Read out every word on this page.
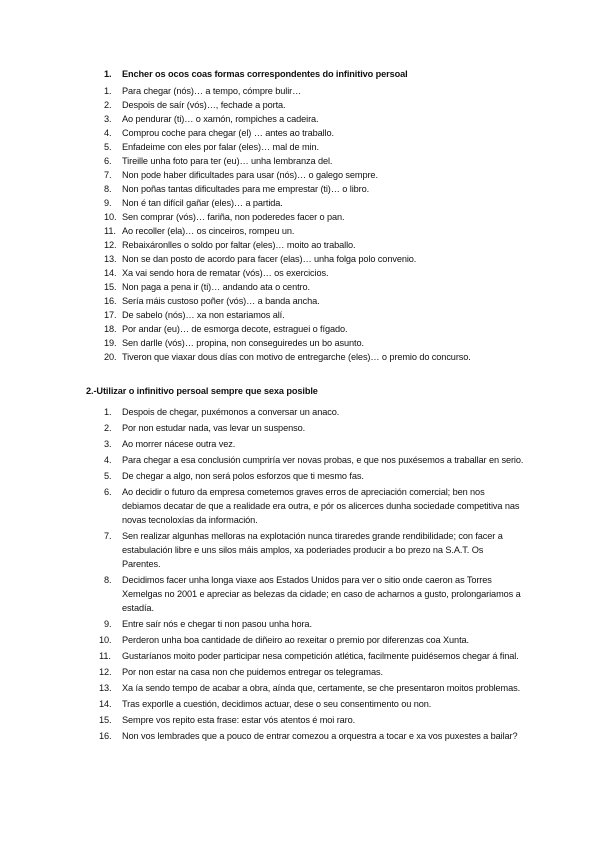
1. Encher os ocos coas formas correspondentes do infinitivo persoal
1. Para chegar (nós)… a tempo, cómpre bulir…
2. Despois de saír (vós)…, fechade a porta.
3. Ao pendurar (ti)… o xamón, rompiches a cadeira.
4. Comprou coche para chegar (el) … antes ao traballo.
5. Enfadeime con eles por falar (eles)… mal de min.
6. Tireille unha foto para ter (eu)… unha lembranza del.
7. Non pode haber dificultades para usar (nós)… o galego sempre.
8. Non poñas tantas dificultades para me emprestar (ti)… o libro.
9. Non é tan difícil gañar (eles)… a partida.
10. Sen comprar (vós)… fariña, non poderedes facer o pan.
11. Ao recoller (ela)… os cinceiros, rompeu un.
12. Rebaixáronlles o soldo por faltar (eles)… moito ao traballo.
13. Non se dan posto de acordo para facer (elas)… unha folga polo convenio.
14. Xa vai sendo hora de rematar (vós)… os exercicios.
15. Non paga a pena ir (ti)… andando ata o centro.
16. Sería máis custoso poñer (vós)… a banda ancha.
17. De sabelo (nós)… xa non estariamos alí.
18. Por andar (eu)… de esmorga decote, estraguei o fígado.
19. Sen darlle (vós)… propina, non conseguiredes un bo asunto.
20. Tiveron que viaxar dous días con motivo de entregarche (eles)… o premio do concurso.
2.-Utilizar o infinitivo persoal sempre que sexa posible
1. Despois de chegar, puxémonos a conversar un anaco.
2. Por non estudar nada, vas levar un suspenso.
3. Ao morrer nácese outra vez.
4. Para chegar a esa conclusión cumpriría ver novas probas, e que nos puxésemos a traballar en serio.
5. De chegar a algo, non será polos esforzos que ti mesmo fas.
6. Ao decidir o futuro da empresa cometemos graves erros de apreciación comercial; ben nos debiamos decatar de que a realidade era outra, e pór os alicerces dunha sociedade competitiva nas novas tecnoloxías da información.
7. Sen realizar algunhas melloras na explotación nunca tiraredes grande rendibilidade; con facer a estabulación libre e uns silos máis amplos, xa poderiades producir a bo prezo na S.A.T. Os Parentes.
8. Decidimos facer unha longa viaxe aos Estados Unidos para ver o sitio onde caeron as Torres Xemelgas no 2001 e apreciar as belezas da cidade; en caso de acharnos a gusto, prolongariamos a estadía.
9. Entre saír nós e chegar ti non pasou unha hora.
10. Perderon unha boa cantidade de diñeiro ao rexeitar o premio por diferenzas coa Xunta.
11. Gustaríanos moito poder participar nesa competición atlética, facilmente puidésemos chegar á final.
12. Por non estar na casa non che puidemos entregar os telegramas.
13. Xa ía sendo tempo de acabar a obra, aínda que, certamente, se che presentaron moitos problemas.
14. Tras exporlle a cuestión, decidimos actuar, dese o seu consentimento ou non.
15. Sempre vos repito esta frase: estar vós atentos é moi raro.
16. Non vos lembrades que a pouco de entrar comezou a orquestra a tocar e xa vos puxestes a bailar?
